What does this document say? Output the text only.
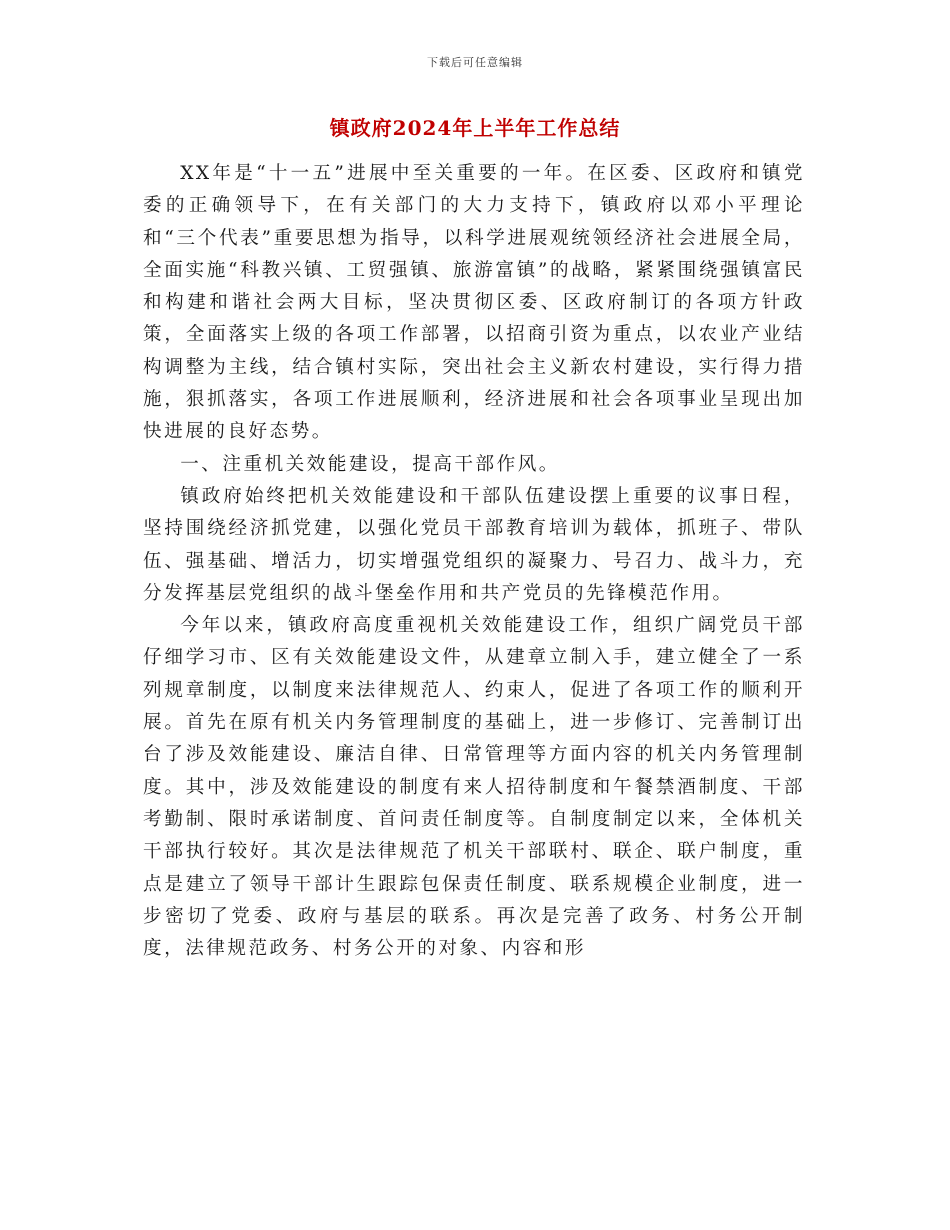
下载后可任意编辑
镇政府2024年上半年工作总结

XX年是“十一五”进展中至关重要的一年。在区委、区政府和镇党委的正确领导下，在有关部门的大力支持下，镇政府以邓小平理论和“三个代表”重要思想为指导，以科学进展观统领经济社会进展全局，全面实施“科教兴镇、工贸强镇、旅游富镇”的战略，紧紧围绕强镇富民和构建和谐社会两大目标，坚决贯彻区委、区政府制订的各项方针政策，全面落实上级的各项工作部署，以招商引资为重点，以农业产业结构调整为主线，结合镇村实际，突出社会主义新农村建设，实行得力措施，狠抓落实，各项工作进展顺利，经济进展和社会各项事业呈现出加快进展的良好态势。

一、注重机关效能建设，提高干部作风。

镇政府始终把机关效能建设和干部队伍建设摆上重要的议事日程，坚持围绕经济抓党建，以强化党员干部教育培训为载体，抓班子、带队伍、强基础、增活力，切实增强党组织的凝聚力、号召力、战斗力，充分发挥基层党组织的战斗堡垒作用和共产党员的先锋模范作用。

今年以来，镇政府高度重视机关效能建设工作，组织广阔党员干部仔细学习市、区有关效能建设文件，从建章立制入手，建立健全了一系列规章制度，以制度来法律规范人、约束人，促进了各项工作的顺利开展。首先在原有机关内务管理制度的基础上，进一步修订、完善制订出台了涉及效能建设、廉洁自律、日常管理等方面内容的机关内务管理制度。其中，涉及效能建设的制度有来人招待制度和午餐禁酒制度、干部考勤制、限时承诺制度、首问责任制度等。自制度制定以来，全体机关干部执行较好。其次是法律规范了机关干部联村、联企、联户制度，重点是建立了领导干部计生跟踪包保责任制度、联系规模企业制度，进一步密切了党委、政府与基层的联系。再次是完善了政务、村务公开制度，法律规范政务、村务公开的对象、内容和形
